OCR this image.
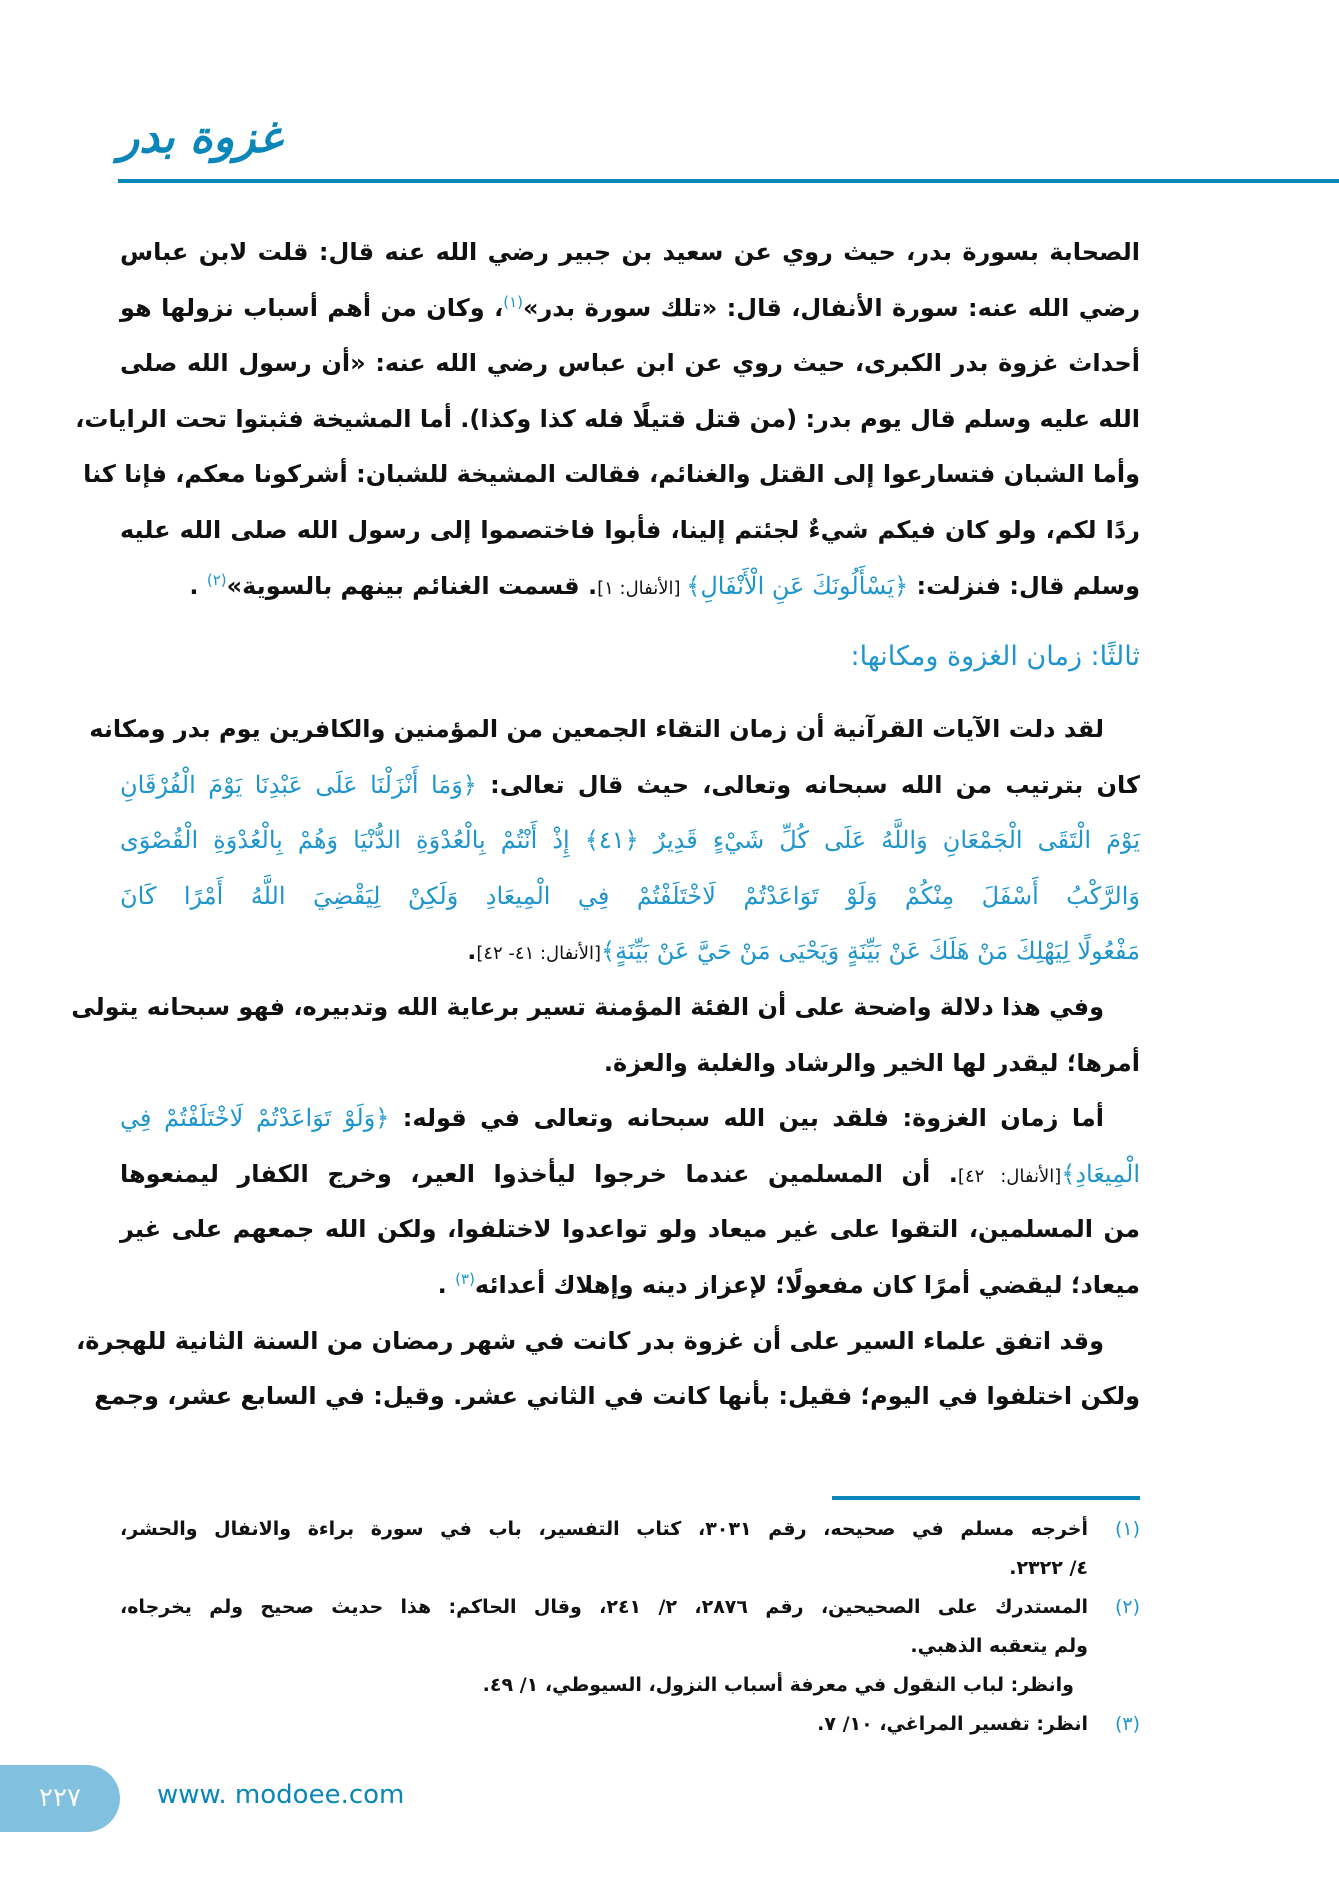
غزوة بدر
الصحابة بسورة بدر، حيث روي عن سعيد بن جبير رضي الله عنه قال: قلت لابن عباس
رضي الله عنه: سورة الأنفال، قال: «تلك سورة بدر»$^{(١)}$، وكان من أهم أسباب نزولها هو
أحداث غزوة بدر الكبرى، حيث روي عن ابن عباس رضي الله عنه: «أن رسول الله صلى
الله عليه وسلم قال يوم بدر: (من قتل قتيلًا فله كذا وكذا). أما المشيخة فثبتوا تحت الرايات،
وأما الشبان فتسارعوا إلى القتل والغنائم، فقالت المشيخة للشبان: أشركونا معكم، فإنا كنا
ردًا لكم، ولو كان فيكم شيءٌ لجئتم إلينا، فأبوا فاختصموا إلى رسول الله صلى الله عليه
وسلم قال: فنزلت: ﴿يَسْأَلُونَكَ عَنِ الْأَنْفَالِ﴾ [الأنفال: ١]. قسمت الغنائم بينهم بالسوية»$^{(٢)}$ .
ثالثًا: زمان الغزوة ومكانها:
لقد دلت الآيات القرآنية أن زمان التقاء الجمعين من المؤمنين والكافرين يوم بدر ومكانه
كان بترتيب من الله سبحانه وتعالى، حيث قال تعالى: ﴿وَمَا أَنْزَلْنَا عَلَى عَبْدِنَا يَوْمَ الْفُرْقَانِ
يَوْمَ الْتَقَى الْجَمْعَانِ وَاللَّهُ عَلَى كُلِّ شَيْءٍ قَدِيرٌ ﴿٤١﴾ إِذْ أَنْتُمْ بِالْعُدْوَةِ الدُّنْيَا وَهُمْ بِالْعُدْوَةِ الْقُصْوَى
وَالرَّكْبُ أَسْفَلَ مِنْكُمْ وَلَوْ تَوَاعَدْتُمْ لَاخْتَلَفْتُمْ فِي الْمِيعَادِ وَلَكِنْ لِيَقْضِيَ اللَّهُ أَمْرًا كَانَ
مَفْعُولًا لِيَهْلِكَ مَنْ هَلَكَ عَنْ بَيِّنَةٍ وَيَحْيَى مَنْ حَيَّ عَنْ بَيِّنَةٍ﴾[الأنفال: ٤١- ٤٢].
وفي هذا دلالة واضحة على أن الفئة المؤمنة تسير برعاية الله وتدبيره، فهو سبحانه يتولى
أمرها؛ ليقدر لها الخير والرشاد والغلبة والعزة.
أما زمان الغزوة: فلقد بين الله سبحانه وتعالى في قوله: ﴿وَلَوْ تَوَاعَدْتُمْ لَاخْتَلَفْتُمْ فِي
الْمِيعَادِ﴾[الأنفال: ٤٢]. أن المسلمين عندما خرجوا ليأخذوا العير، وخرج الكفار ليمنعوها
من المسلمين، التقوا على غير ميعاد ولو تواعدوا لاختلفوا، ولكن الله جمعهم على غير
ميعاد؛ ليقضي أمرًا كان مفعولًا؛ لإعزاز دينه وإهلاك أعدائه$^{(٣)}$ .
وقد اتفق علماء السير على أن غزوة بدر كانت في شهر رمضان من السنة الثانية للهجرة،
ولكن اختلفوا في اليوم؛ فقيل: بأنها كانت في الثاني عشر. وقيل: في السابع عشر، وجمع
(١)
أخرجه مسلم في صحيحه، رقم ٣٠٣١، كتاب التفسير، باب في سورة براءة والانفال والحشر،
٤/ ٢٣٢٢.
(٢)
المستدرك على الصحيحين، رقم ٢٨٧٦، ٢/ ٢٤١، وقال الحاكم: هذا حديث صحيح ولم يخرجاه،
ولم يتعقبه الذهبي.
وانظر: لباب النقول في معرفة أسباب النزول، السيوطي، ١/ ٤٩.
(٣)
انظر: تفسير المراغي، ١٠/ ٧.
٢٢٧	www. modoee.com
